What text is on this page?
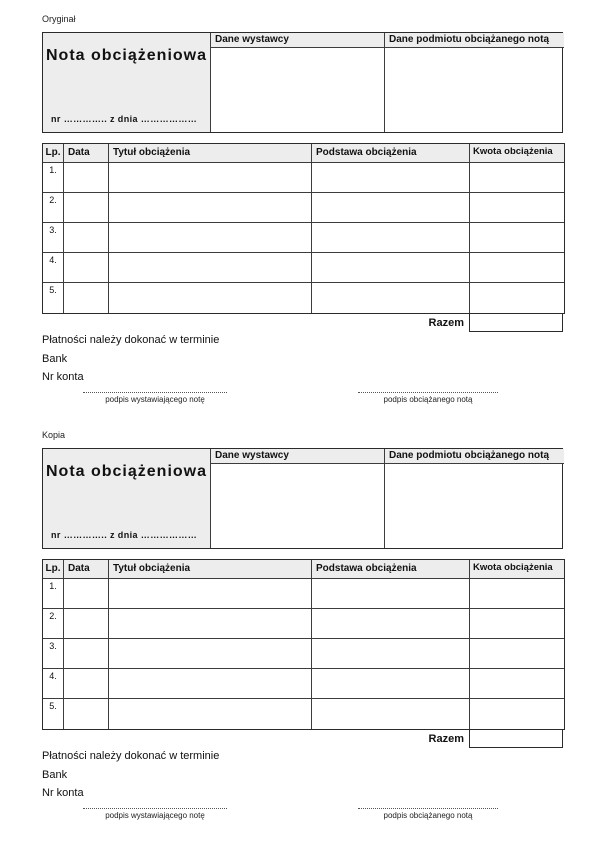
Oryginał
Nota obciążeniowa
nr ………….. z dnia ………………
Dane wystawcy	Dane podmiotu obciążanego notą
Lp. Data	Tytuł obciążenia	Podstawa obciążenia	Kwota obciążenia
1.
2.
3.
4.
5.
Razem
Płatności należy dokonać w terminie
Bank
Nr konta
podpis wystawiającego notę	podpis obciążanego notą
Kopia
Nota obciążeniowa
nr ………….. z dnia ………………
Dane wystawcy	Dane podmiotu obciążanego notą
Lp. Data	Tytuł obciążenia	Podstawa obciążenia	Kwota obciążenia
1.
2.
3.
4.
5.
Razem
Płatności należy dokonać w terminie
Bank
Nr konta
podpis wystawiającego notę	podpis obciążanego notą
